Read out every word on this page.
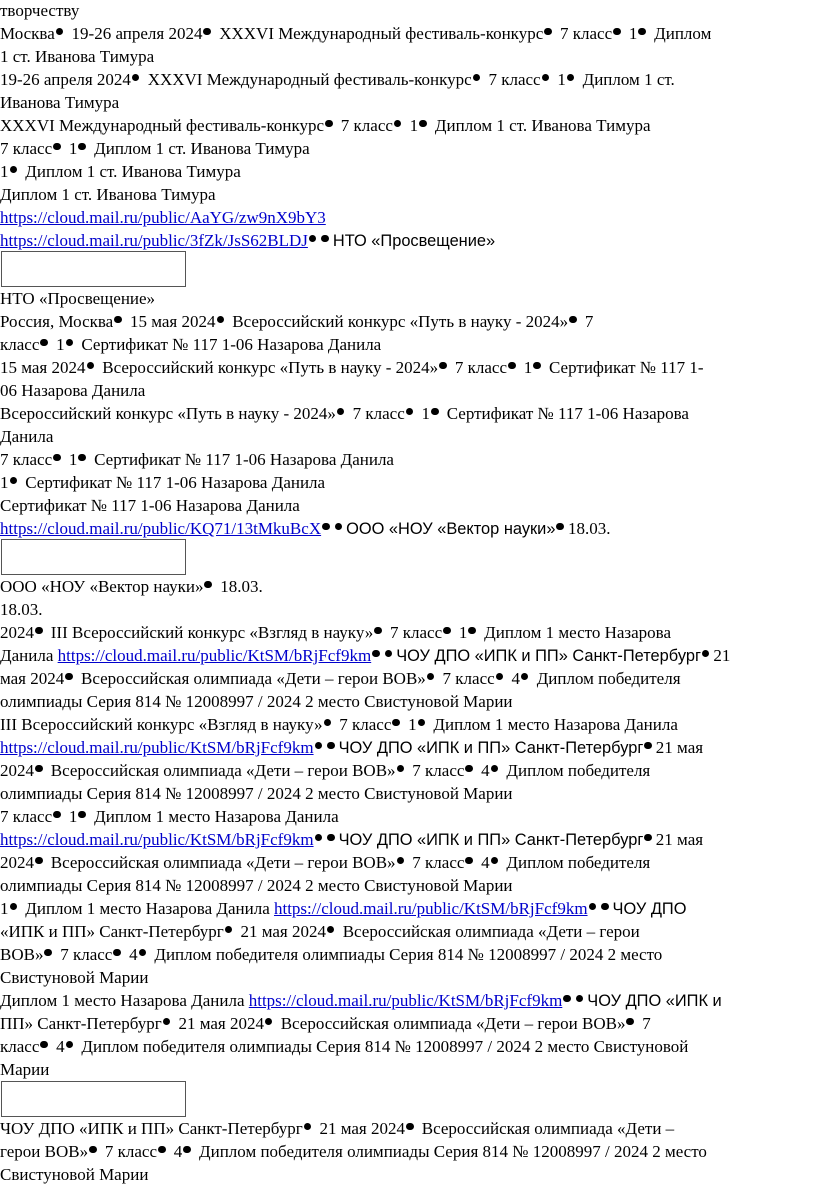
творчеству
Москва 19-26 апреля 2024 XXXVI Международный фестиваль-конкурс 7 класс 1 Диплом
1 ст. Иванова Тимура
19-26 апреля 2024 XXXVI Международный фестиваль-конкурс 7 класс 1 Диплом 1 ст.
Иванова Тимура
XXXVI Международный фестиваль-конкурс 7 класс 1 Диплом 1 ст. Иванова Тимура
7 класс 1 Диплом 1 ст. Иванова Тимура
1 Диплом 1 ст. Иванова Тимура
Диплом 1 ст. Иванова Тимура
https://cloud.mail.ru/public/AaYG/zw9nX9bY3
https://cloud.mail.ru/public/3fZk/JsS62BLDJ НТО «Просвещение»
НТО «Просвещение»
Россия, Москва 15 мая 2024 Всероссийский конкурс «Путь в науку - 2024» 7
класс 1 Сертификат № 117 1-06 Назарова Данила
15 мая 2024 Всероссийский конкурс «Путь в науку - 2024» 7 класс 1 Сертификат № 117 1-
06 Назарова Данила
Всероссийский конкурс «Путь в науку - 2024» 7 класс 1 Сертификат № 117 1-06 Назарова
Данила
7 класс 1 Сертификат № 117 1-06 Назарова Данила
1 Сертификат № 117 1-06 Назарова Данила
Сертификат № 117 1-06 Назарова Данила
https://cloud.mail.ru/public/KQ71/13tMkuBcX ООО «НОУ «Вектор науки» 18.03.
ООО «НОУ «Вектор науки» 18.03.
18.03.
2024 III Всероссийский конкурс «Взгляд в науку» 7 класс 1 Диплом 1 место Назарова
Данила https://cloud.mail.ru/public/KtSM/bRjFcf9km ЧОУ ДПО «ИПК и ПП» Санкт-Петербург 21
мая 2024 Всероссийская олимпиада «Дети – герои ВОВ» 7 класс 4 Диплом победителя
олимпиады Серия 814 № 12008997 / 2024 2 место Свистуновой Марии
III Всероссийский конкурс «Взгляд в науку» 7 класс 1 Диплом 1 место Назарова Данила
https://cloud.mail.ru/public/KtSM/bRjFcf9km ЧОУ ДПО «ИПК и ПП» Санкт-Петербург 21 мая
2024 Всероссийская олимпиада «Дети – герои ВОВ» 7 класс 4 Диплом победителя
олимпиады Серия 814 № 12008997 / 2024 2 место Свистуновой Марии
7 класс 1 Диплом 1 место Назарова Данила
https://cloud.mail.ru/public/KtSM/bRjFcf9km ЧОУ ДПО «ИПК и ПП» Санкт-Петербург 21 мая
2024 Всероссийская олимпиада «Дети – герои ВОВ» 7 класс 4 Диплом победителя
олимпиады Серия 814 № 12008997 / 2024 2 место Свистуновой Марии
1 Диплом 1 место Назарова Данила https://cloud.mail.ru/public/KtSM/bRjFcf9km ЧОУ ДПО
«ИПК и ПП» Санкт-Петербург 21 мая 2024 Всероссийская олимпиада «Дети – герои
ВОВ» 7 класс 4 Диплом победителя олимпиады Серия 814 № 12008997 / 2024 2 место
Свистуновой Марии
Диплом 1 место Назарова Данила https://cloud.mail.ru/public/KtSM/bRjFcf9km ЧОУ ДПО «ИПК и
ПП» Санкт-Петербург 21 мая 2024 Всероссийская олимпиада «Дети – герои ВОВ» 7
класс 4 Диплом победителя олимпиады Серия 814 № 12008997 / 2024 2 место Свистуновой
Марии
ЧОУ ДПО «ИПК и ПП» Санкт-Петербург 21 мая 2024 Всероссийская олимпиада «Дети –
герои ВОВ» 7 класс 4 Диплом победителя олимпиады Серия 814 № 12008997 / 2024 2 место
Свистуновой Марии
